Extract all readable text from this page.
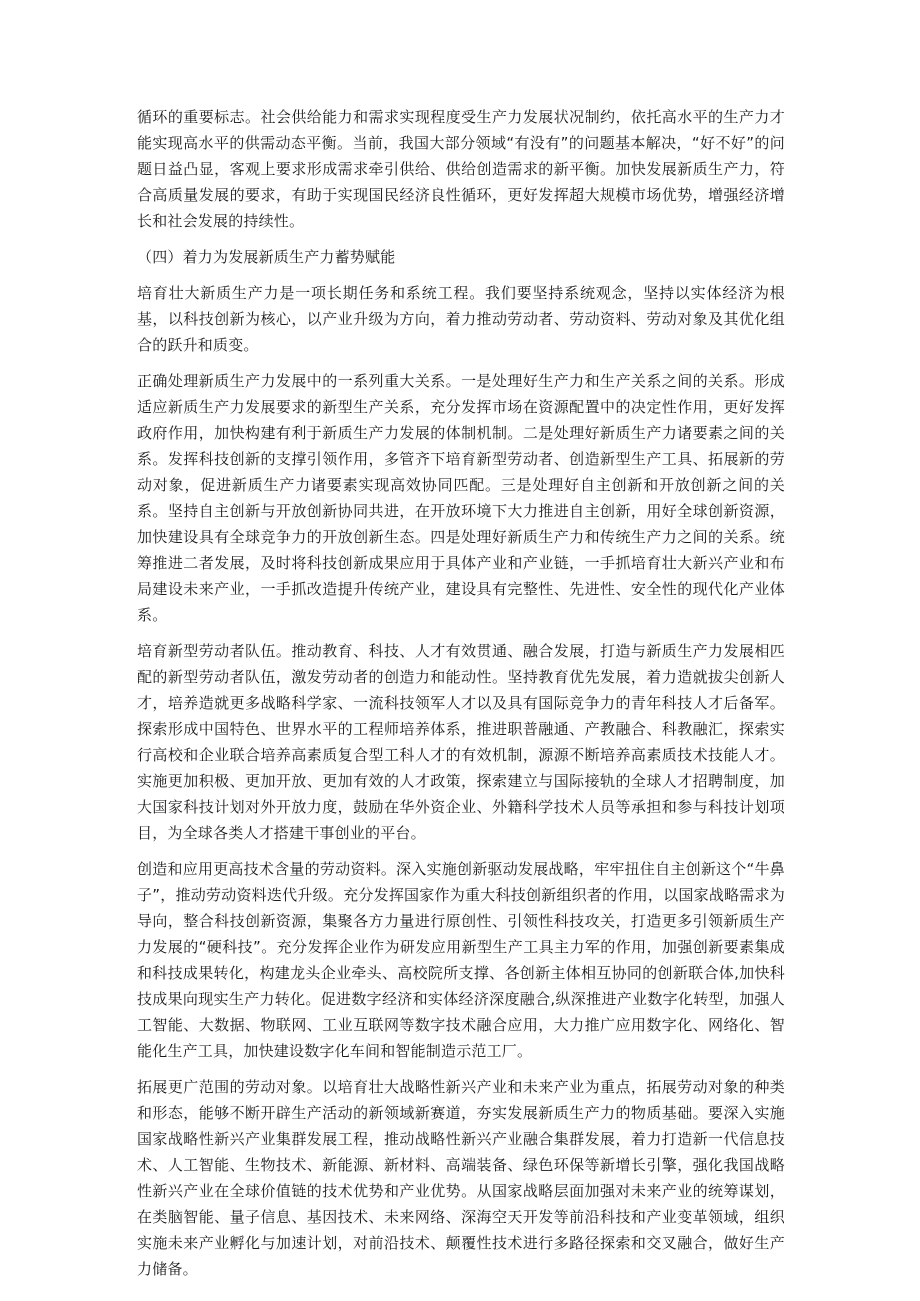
循环的重要标志。社会供给能力和需求实现程度受生产力发展状况制约，依托高水平的生产力才能实现高水平的供需动态平衡。当前，我国大部分领域“有没有”的问题基本解决，“好不好”的问题日益凸显，客观上要求形成需求牵引供给、供给创造需求的新平衡。加快发展新质生产力，符合高质量发展的要求，有助于实现国民经济良性循环，更好发挥超大规模市场优势，增强经济增长和社会发展的持续性。

（四）着力为发展新质生产力蓄势赋能

培育壮大新质生产力是一项长期任务和系统工程。我们要坚持系统观念，坚持以实体经济为根基，以科技创新为核心，以产业升级为方向，着力推动劳动者、劳动资料、劳动对象及其优化组合的跃升和质变。

正确处理新质生产力发展中的一系列重大关系。一是处理好生产力和生产关系之间的关系。形成适应新质生产力发展要求的新型生产关系，充分发挥市场在资源配置中的决定性作用，更好发挥政府作用，加快构建有利于新质生产力发展的体制机制。二是处理好新质生产力诸要素之间的关系。发挥科技创新的支撑引领作用，多管齐下培育新型劳动者、创造新型生产工具、拓展新的劳动对象，促进新质生产力诸要素实现高效协同匹配。三是处理好自主创新和开放创新之间的关系。坚持自主创新与开放创新协同共进，在开放环境下大力推进自主创新，用好全球创新资源，加快建设具有全球竞争力的开放创新生态。四是处理好新质生产力和传统生产力之间的关系。统筹推进二者发展，及时将科技创新成果应用于具体产业和产业链，一手抓培育壮大新兴产业和布局建设未来产业，一手抓改造提升传统产业，建设具有完整性、先进性、安全性的现代化产业体系。

培育新型劳动者队伍。推动教育、科技、人才有效贯通、融合发展，打造与新质生产力发展相匹配的新型劳动者队伍，激发劳动者的创造力和能动性。坚持教育优先发展，着力造就拔尖创新人才，培养造就更多战略科学家、一流科技领军人才以及具有国际竞争力的青年科技人才后备军。探索形成中国特色、世界水平的工程师培养体系，推进职普融通、产教融合、科教融汇，探索实行高校和企业联合培养高素质复合型工科人才的有效机制，源源不断培养高素质技术技能人才。实施更加积极、更加开放、更加有效的人才政策，探索建立与国际接轨的全球人才招聘制度，加大国家科技计划对外开放力度，鼓励在华外资企业、外籍科学技术人员等承担和参与科技计划项目，为全球各类人才搭建干事创业的平台。

创造和应用更高技术含量的劳动资料。深入实施创新驱动发展战略，牢牢扭住自主创新这个“牛鼻子”，推动劳动资料迭代升级。充分发挥国家作为重大科技创新组织者的作用，以国家战略需求为导向，整合科技创新资源，集聚各方力量进行原创性、引领性科技攻关，打造更多引领新质生产力发展的“硬科技”。充分发挥企业作为研发应用新型生产工具主力军的作用，加强创新要素集成和科技成果转化，构建龙头企业牵头、高校院所支撑、各创新主体相互协同的创新联合体,加快科技成果向现实生产力转化。促进数字经济和实体经济深度融合,纵深推进产业数字化转型，加强人工智能、大数据、物联网、工业互联网等数字技术融合应用，大力推广应用数字化、网络化、智能化生产工具，加快建设数字化车间和智能制造示范工厂。

拓展更广范围的劳动对象。以培育壮大战略性新兴产业和未来产业为重点，拓展劳动对象的种类和形态，能够不断开辟生产活动的新领域新赛道，夯实发展新质生产力的物质基础。要深入实施国家战略性新兴产业集群发展工程，推动战略性新兴产业融合集群发展，着力打造新一代信息技术、人工智能、生物技术、新能源、新材料、高端装备、绿色环保等新增长引擎，强化我国战略性新兴产业在全球价值链的技术优势和产业优势。从国家战略层面加强对未来产业的统筹谋划，在类脑智能、量子信息、基因技术、未来网络、深海空天开发等前沿科技和产业变革领域，组织实施未来产业孵化与加速计划，对前沿技术、颠覆性技术进行多路径探索和交叉融合，做好生产力储备。
